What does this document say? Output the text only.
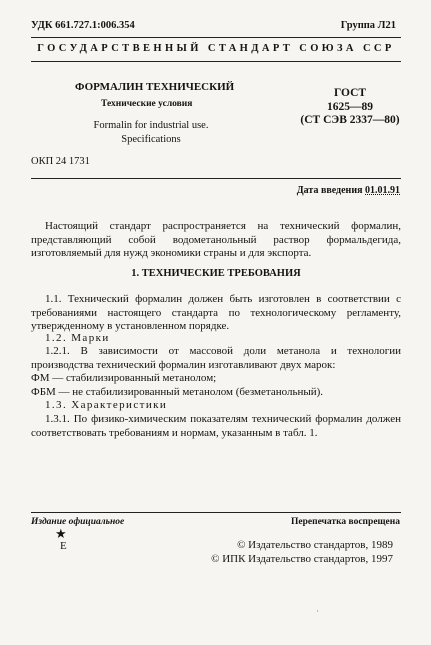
УДК 661.727.1:006.354	Группа Л21
ГОСУДАРСТВЕННЫЙ СТАНДАРТ СОЮЗА ССР
ФОРМАЛИН ТЕХНИЧЕСКИЙ
Технические условия
Formalin for industrial use.
Specifications
ГОСТ
1625—89
(СТ СЭВ 2337—80)
ОКП 24 1731
Дата введения 01.01.91

Настоящий стандарт распространяется на технический формалин, представляющий собой водометанольный раствор формальдегида, изготовляемый для нужд экономики страны и для экспорта.

1. ТЕХНИЧЕСКИЕ ТРЕБОВАНИЯ

1.1. Технический формалин должен быть изготовлен в соответствии с требованиями настоящего стандарта по технологическому регламенту, утвержденному в установленном порядке.

1.2. Марки

1.2.1. В зависимости от массовой доли метанола и технологии производства технический формалин изготавливают двух марок:

ФМ — стабилизированный метанолом;
ФБМ — не стабилизированный метанолом (безметанольный).
1.3. Характеристики

1.3.1. По физико-химическим показателям технический формалин должен соответствовать требованиям и нормам, указанным в табл. 1.

Издание официальное	Перепечатка воспрещена
★
E	© Издательство стандартов, 1989
© ИПК Издательство стандартов, 1997
·
